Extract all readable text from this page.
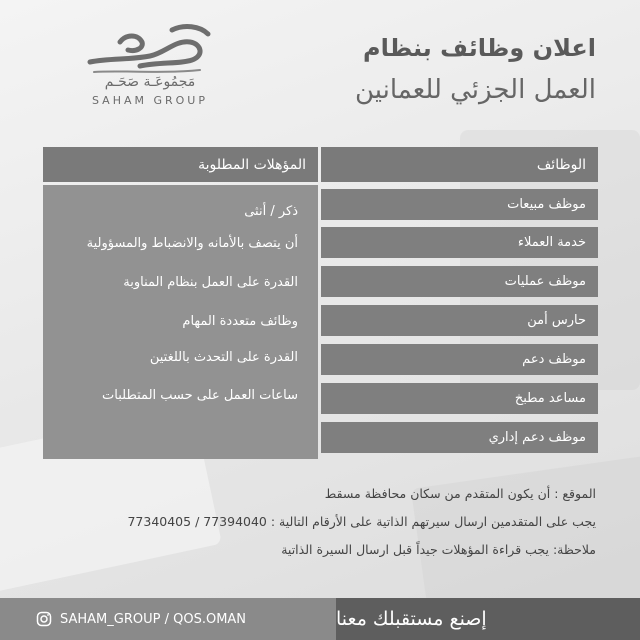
مَجمُوعَـة صَحَـم
SAHAM GROUP
اعلان وظائف بنظام
العمل الجزئي للعمانين
المؤهلات المطلوبة
ذكر / أنثى
أن يتصف بالأمانه والانضباط والمسؤولية
القدرة على العمل بنظام المناوبة
وظائف متعددة المهام
القدرة على التحدث باللغتين
ساعات العمل على حسب المتطلبات
الوظائف
موظف مبيعات
خدمة العملاء
موظف عمليات
حارس أمن
موظف دعم
مساعد مطبخ
موظف دعم إداري
الموقع : أن يكون المتقدم من سكان محافظة مسقط
يجب على المتقدمين ارسال سيرتهم الذاتية على الأرقام التالية : 77394040 / 77340405
ملاحظة: يجب قراءة المؤهلات جيداً قبل ارسال السيرة الذاتية
SAHAM_GROUP / QOS.OMAN	إصنع مستقبلك معنا
